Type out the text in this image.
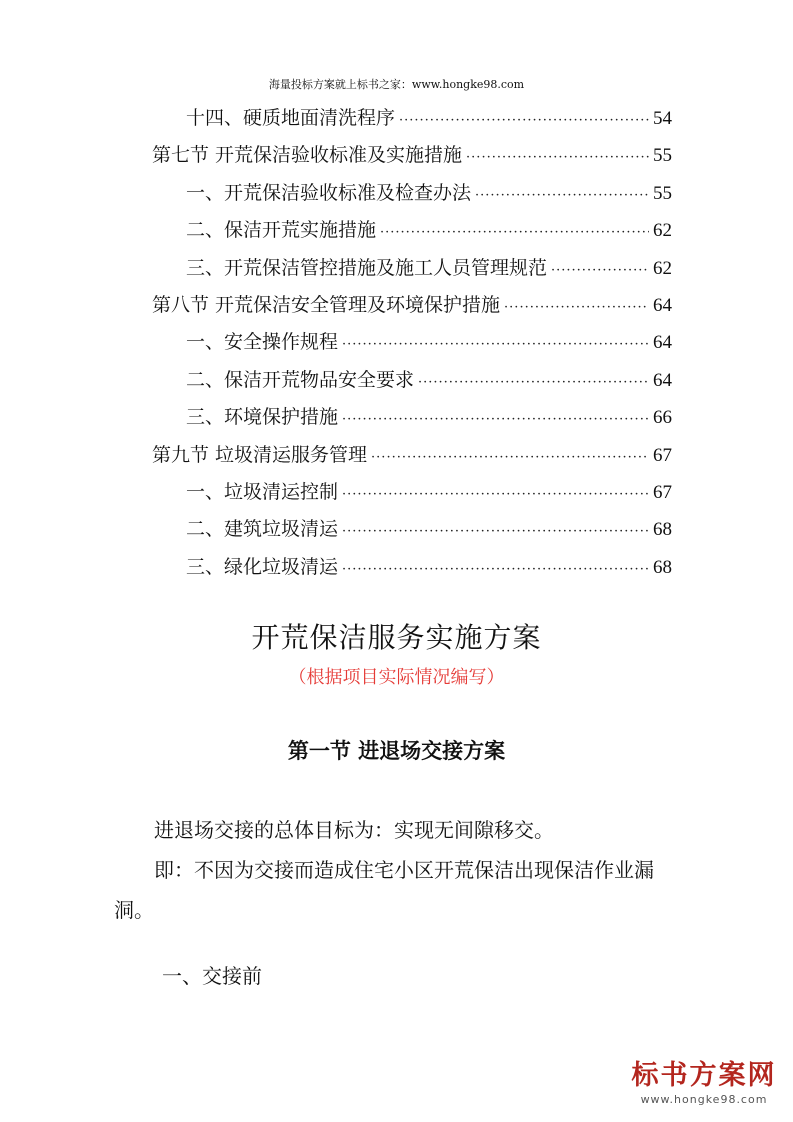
海量投标方案就上标书之家：www.hongke98.com
十四、硬质地面清洗程序 ·····	54
第七节 开荒保洁验收标准及实施措施 ·····	55
一、开荒保洁验收标准及检查办法 ·····	55
二、保洁开荒实施措施 ·····	62
三、开荒保洁管控措施及施工人员管理规范 ·····	62
第八节 开荒保洁安全管理及环境保护措施 ·····	64
一、安全操作规程 ·····	64
二、保洁开荒物品安全要求 ·····	64
三、环境保护措施 ·····	66
第九节 垃圾清运服务管理 ·····	67
一、垃圾清运控制 ·····	67
二、建筑垃圾清运 ·····	68
三、绿化垃圾清运 ·····	68
开荒保洁服务实施方案
（根据项目实际情况编写）
第一节 进退场交接方案

进退场交接的总体目标为：实现无间隙移交。

即：不因为交接而造成住宅小区开荒保洁出现保洁作业漏洞。

一、交接前
标书方案网
www.hongke98.com
